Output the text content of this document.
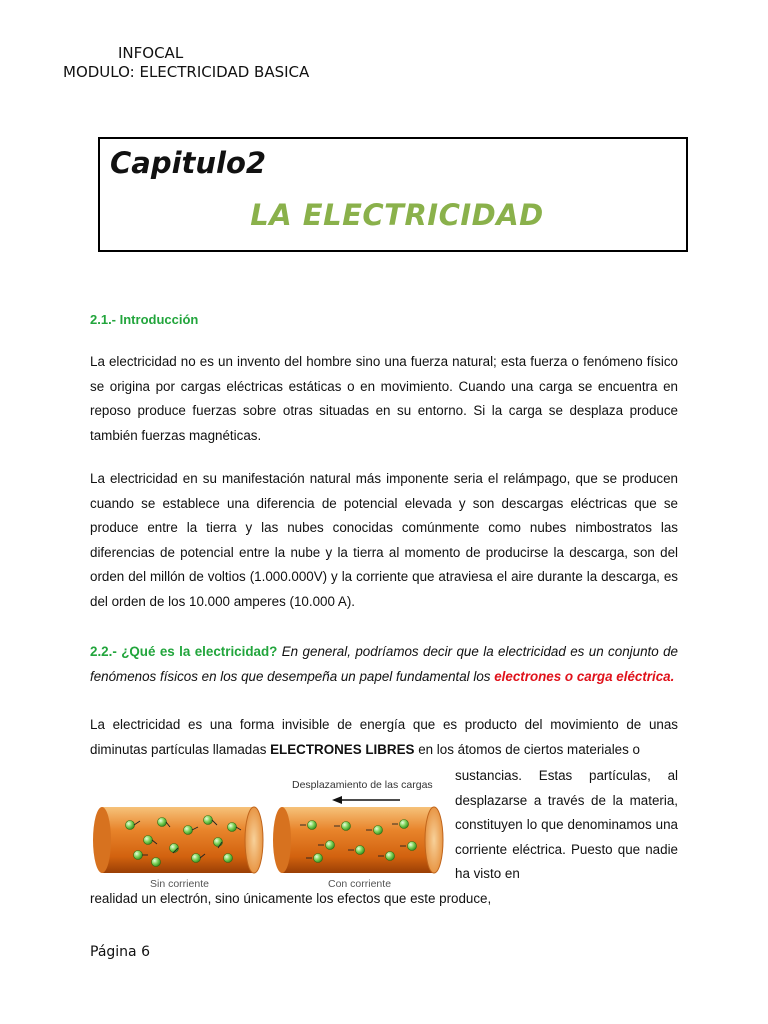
INFOCAL
MODULO: ELECTRICIDAD BASICA
Capitulo2
LA ELECTRICIDAD
2.1.- Introducción

La electricidad no es un invento del hombre sino una fuerza natural; esta fuerza o fenómeno físico se origina por cargas eléctricas estáticas o en movimiento. Cuando una carga se encuentra en reposo produce fuerzas sobre otras situadas en su entorno. Si la carga se desplaza produce también fuerzas magnéticas.

La electricidad en su manifestación natural más imponente seria el relámpago, que se producen cuando se establece una diferencia de potencial elevada y son descargas eléctricas que se produce entre la tierra y las nubes conocidas comúnmente como nubes nimbostratos las diferencias de potencial entre la nube y la tierra al momento de producirse la descarga, son del orden del millón de voltios (1.000.000V) y la corriente que atraviesa el aire durante la descarga, es del orden de los 10.000 amperes (10.000 A).

2.2.- ¿Qué es la electricidad? En general, podríamos decir que la electricidad es un conjunto de fenómenos físicos en los que desempeña un papel fundamental los electrones o carga eléctrica.

La electricidad es una forma invisible de energía que es producto del movimiento de unas diminutas partículas llamadas ELECTRONES LIBRES en los átomos de ciertos materiales o

Desplazamiento de las cargas
Sin corriente	Con corriente

sustancias. Estas partículas, al desplazarse a través de la materia, constituyen lo que denominamos una corriente eléctrica. Puesto que nadie ha visto en

realidad un electrón, sino únicamente los efectos que este produce,

Página 6
